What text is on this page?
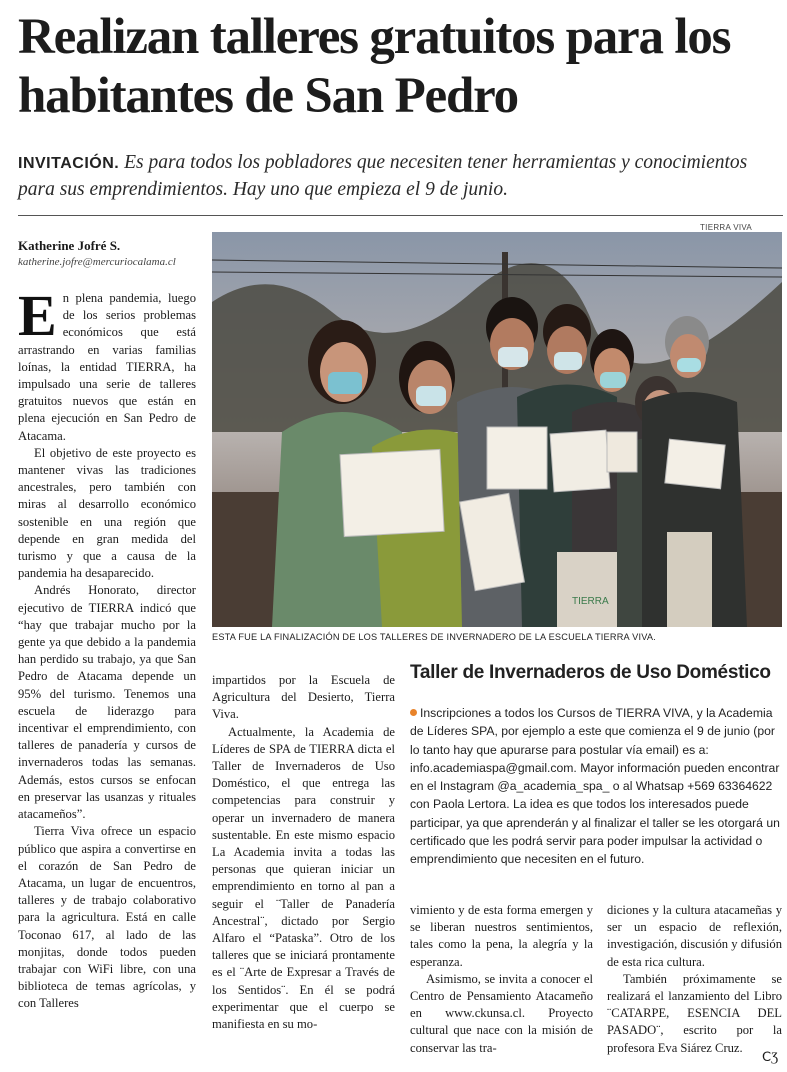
Realizan talleres gratuitos para los habitantes de San Pedro
INVITACIÓN. Es para todos los pobladores que necesiten tener herramientas y conocimientos para sus emprendimientos. Hay uno que empieza el 9 de junio.
Katherine Jofré S.
katherine.jofre@mercuriocalama.cl

En plena pandemia, luego de los serios problemas económicos que está arrastrando en varias familias loínas, la entidad TIERRA, ha impulsado una serie de talleres gratuitos nuevos que están en plena ejecución en San Pedro de Atacama.

El objetivo de este proyecto es mantener vivas las tradiciones ancestrales, pero también con miras al desarrollo económico sostenible en una región que depende en gran medida del turismo y que a causa de la pandemia ha desaparecido.

Andrés Honorato, director ejecutivo de TIERRA indicó que “hay que trabajar mucho por la gente ya que debido a la pandemia han perdido su trabajo, ya que San Pedro de Atacama depende un 95% del turismo. Tenemos una escuela de liderazgo para incentivar el emprendimiento, con talleres de panadería y cursos de invernaderos todas las semanas. Además, estos cursos se enfocan en preservar las usanzas y rituales atacameños”.

Tierra Viva ofrece un espacio público que aspira a convertirse en el corazón de San Pedro de Atacama, un lugar de encuentros, talleres y de trabajo colaborativo para la agricultura. Está en calle Toconao 617, al lado de las monjitas, donde todos pueden trabajar con WiFi libre, con una biblioteca de temas agrícolas, y con Talleres

TIERRA VIVA
TIERRA
ESTA FUE LA FINALIZACIÓN DE LOS TALLERES DE INVERNADERO DE LA ESCUELA TIERRA VIVA.
Taller de Invernaderos de Uso Doméstico
Inscripciones a todos los Cursos de TIERRA VIVA, y la Academia de Líderes SPA, por ejemplo a este que comienza el 9 de junio (por lo tanto hay que apurarse para postular vía email) es a: info.academiaspa@gmail.com. Mayor información pueden encontrar en el Instagram @a_academia_spa_ o al Whatsap +569 63364622 con Paola Lertora. La idea es que todos los interesados puede participar, ya que aprenderán y al finalizar el taller se les otorgará un certificado que les podrá servir para poder impulsar la actividad o emprendimiento que necesiten en el futuro.

impartidos por la Escuela de Agricultura del Desierto, Tierra Viva.

Actualmente, la Academia de Líderes de SPA de TIERRA dicta el Taller de Invernaderos de Uso Doméstico, el que entrega las competencias para construir y operar un invernadero de manera sustentable. En este mismo espacio La Academia invita a todas las personas que quieran iniciar un emprendimiento en torno al pan a seguir el ¨Taller de Panadería Ancestral¨, dictado por Sergio Alfaro el “Pataska”. Otro de los talleres que se iniciará prontamente es el ¨Arte de Expresar a Través de los Sentidos¨. En él se podrá experimentar que el cuerpo se manifiesta en su mo-

vimiento y de esta forma emergen y se liberan nuestros sentimientos, tales como la pena, la alegría y la esperanza.

Asimismo, se invita a conocer el Centro de Pensamiento Atacameño en www.ckunsa.cl. Proyecto cultural que nace con la misión de conservar las tra-

diciones y la cultura atacameñas y ser un espacio de reflexión, investigación, discusión y difusión de esta rica cultura.

También próximamente se realizará el lanzamiento del Libro ¨CATARPE, ESENCIA DEL PASADO¨, escrito por la profesora Eva Siárez Cruz.

ⅭƷ
